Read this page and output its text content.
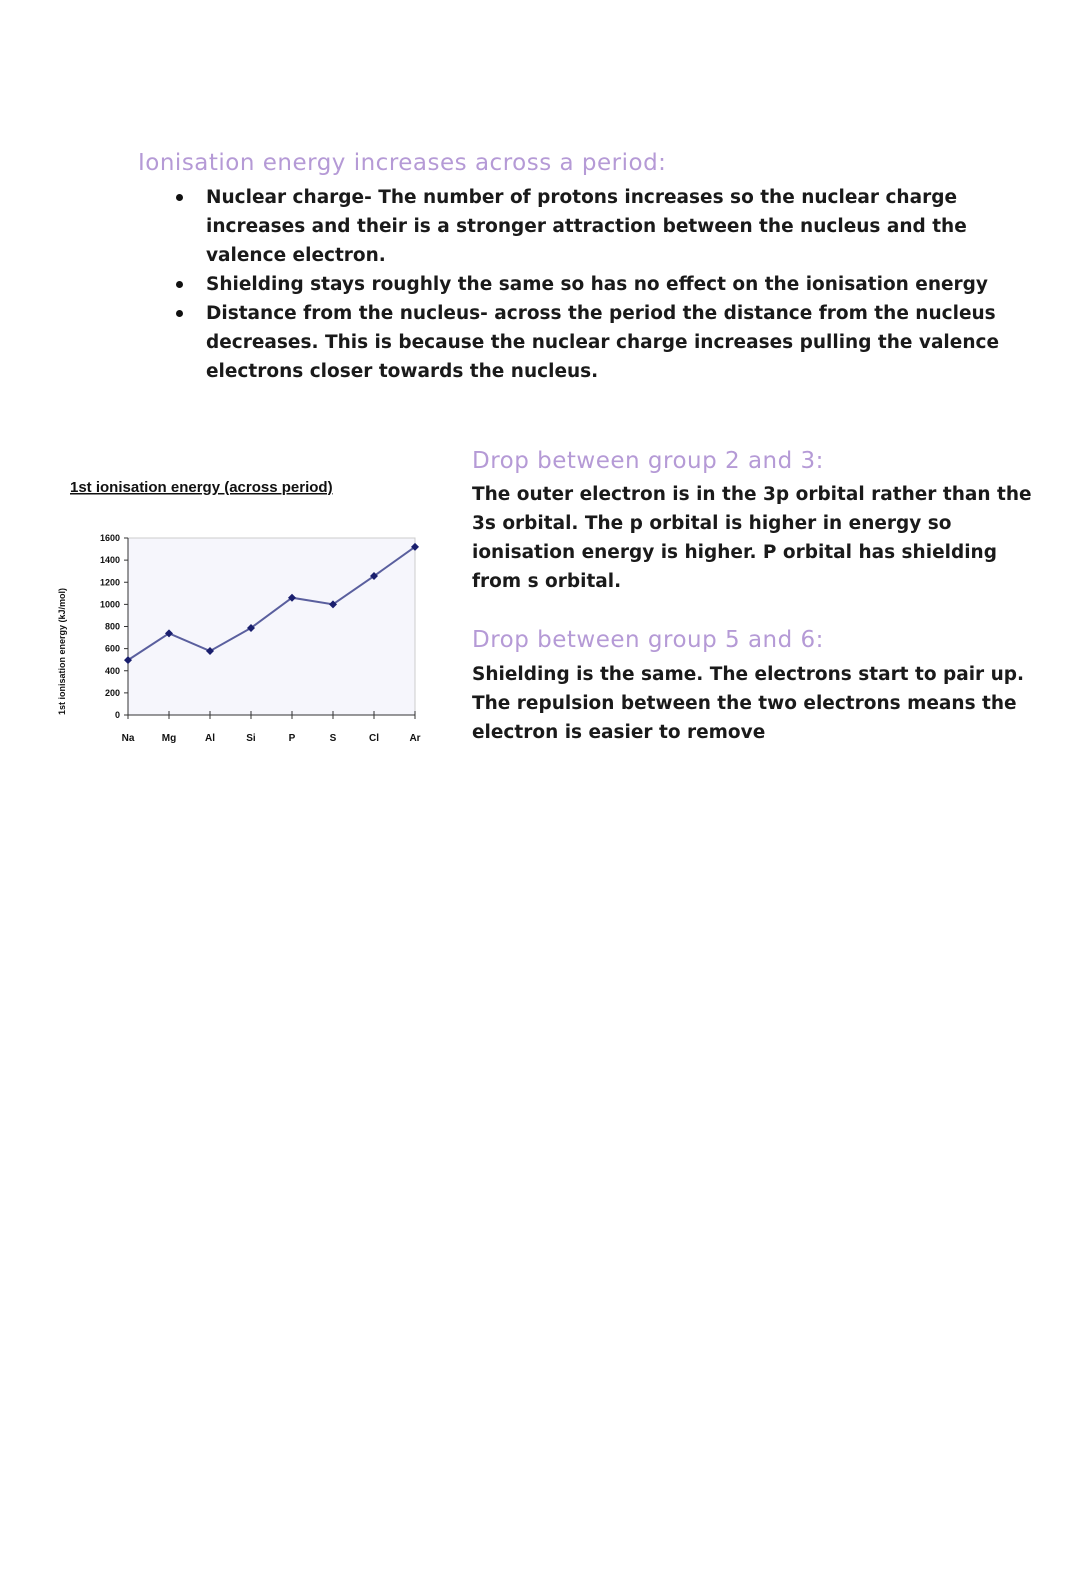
Ionisation energy increases across a period:
Nuclear charge- The number of protons increases so the nuclear charge increases and their is a stronger attraction between the nucleus and the valence electron.
Shielding stays roughly the same so has no effect on the ionisation energy
Distance from the nucleus- across the period the distance from the nucleus decreases. This is because the nuclear charge increases pulling the valence electrons closer towards the nucleus.
Drop between group 2 and 3:
The outer electron is in the 3p orbital rather than the 3s orbital. The p orbital is higher in energy so ionisation energy is higher. P orbital has shielding from s orbital.
Drop between group 5 and 6:
Shielding is the same. The electrons start to pair up. The repulsion between the two electrons means the electron is easier to remove
1st ionisation energy (across period)
1st ionisation energy (kJ/mol)	0
200
400
600
800
1000
1200
1400
1600
Na	Mg	Al	Si	P	S	Cl	Ar
